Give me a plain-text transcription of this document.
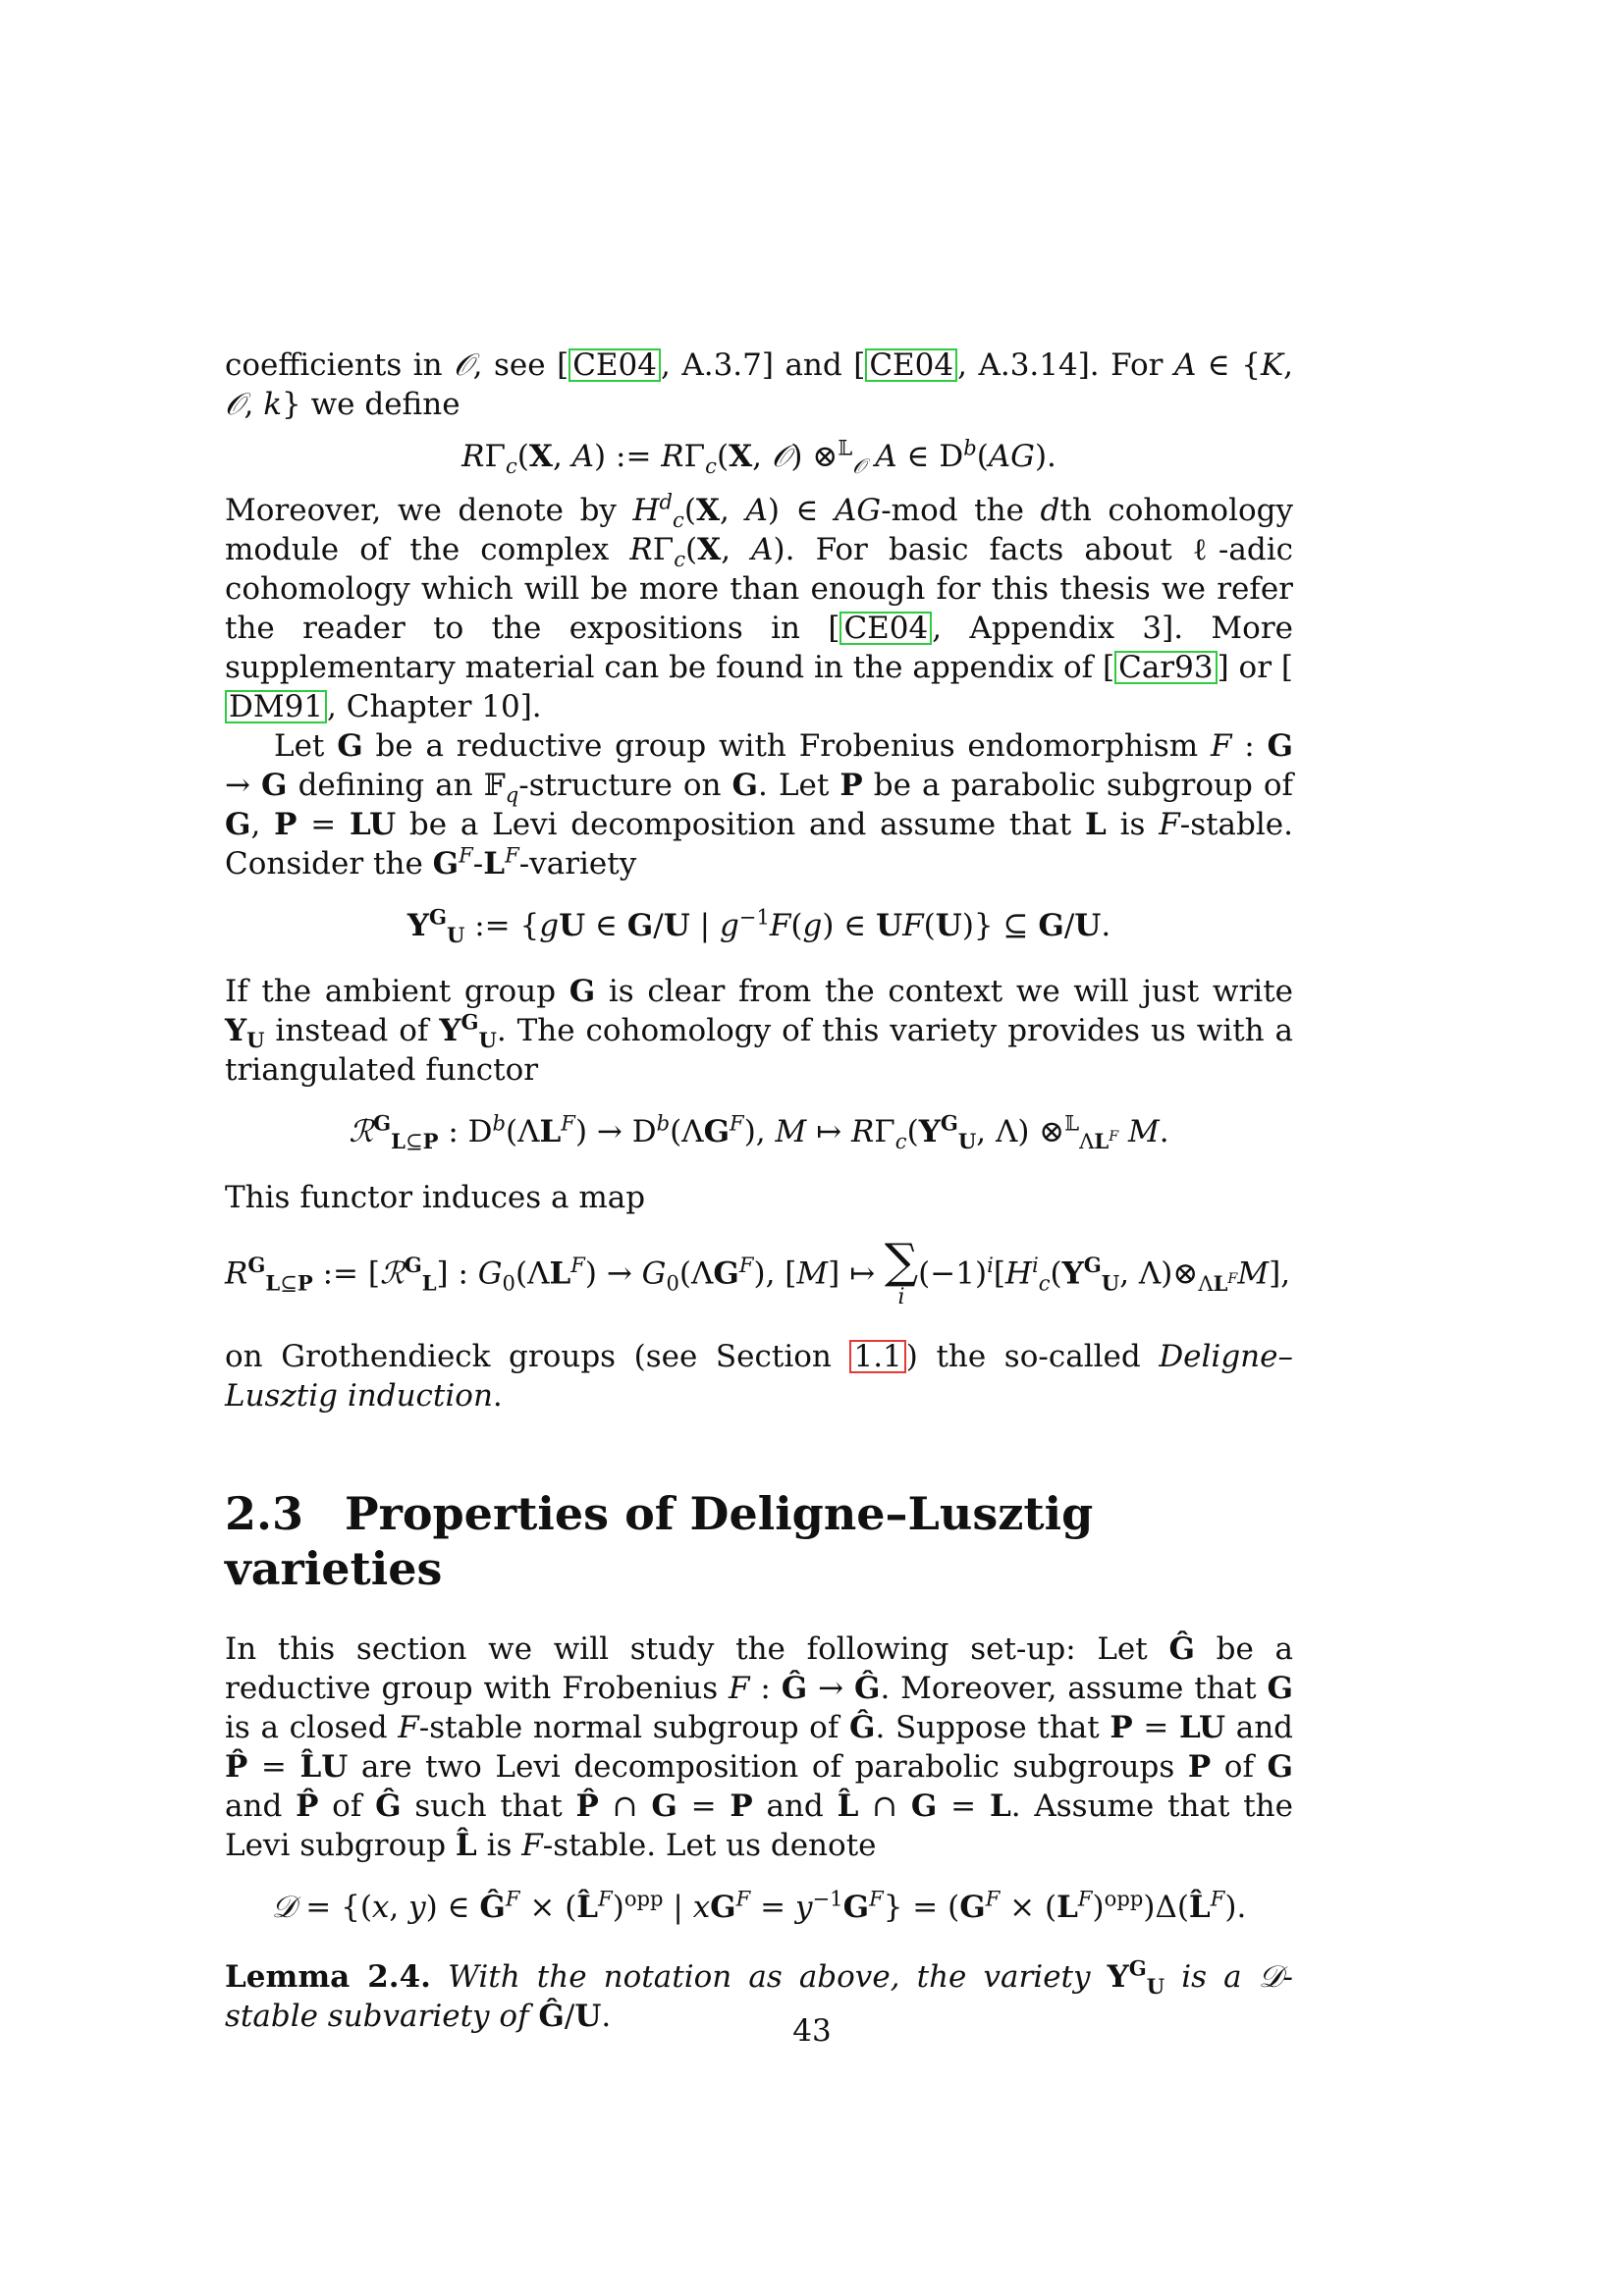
coefficients in 𝒪, see [ CE04 , A.3.7] and [ CE04 , A.3.14]. For A ∈ {K, 𝒪, k} we define

$R\Gamma_c(X$, A) := $R\Gamma_c(X$, 𝒪) ⊗$^𝕃_𝒪$ A ∈ $D^b(AG)$.

Moreover, we denote by $H^d_c(X$, A) ∈ AG-mod the dth cohomology module of the complex $R\Gamma_c(X$, A). For basic facts about ℓ-adic cohomology which will be more than enough for this thesis we refer the reader to the expositions in [ CE04 , Appendix 3]. More supplementary material can be found in the appendix of [ Car93 ] or [DM91 , Chapter 10].

Let G be a reductive group with Frobenius endomorphism F : G → G defining an 𝔽$_q$-structure on G. Let P be a parabolic subgroup of G, P = LU be a Levi decomposition and assume that L is F-stable. Consider the $G^F-L^F$-variety

$Y^G_U$ := {gU ∈ G/U | $g^{-1}F(g)$ ∈ UF(U)} ⊆ G/U.

If the ambient group G is clear from the context we will just write $Y_U$ instead of $Y^G_U$. The cohomology of this variety provides us with a triangulated functor

ℛ$^G_{L⊆P}$ : $D^b(\Lambda L^F) \to D^b(\Lambda G^F)$, M ↦ $R\Gamma_c(Y^G_U$, Λ) ⊗$^𝕃_{\Lambda L^F}$ M.

This functor induces a map

$R^G_{L⊆P}$ := [ℛ$^G_L$] : $G_0(\Lambda L^F) \to G_0(\Lambda G^F)$, [M] ↦ ∑
i
$(-1)^i[H^i_c(Y^G_U$, $\Lambda)\otimes_{\Lambda L^F}M$],

on Grothendieck groups (see Section 1.1 ) the so-called Deligne–Lusztig induction.

2.3 Properties of Deligne–Lusztig varieties

In this section we will study the following set-up: Let Ĝ be a reductive group with Frobenius F : Ĝ → Ĝ. Moreover, assume that G is a closed F-stable normal subgroup of Ĝ. Suppose that P = LU and P̂ = L̂U are two Levi decomposition of parabolic subgroups P of G and P̂ of Ĝ such that P̂ ∩ G = P and L̂ ∩ G = L. Assume that the Levi subgroup L̂ is F-stable. Let us denote

𝒟 = {(x, y) ∈ $Ĝ^F$ × (L̂$^F$)$^{opp}$ | $xG^F = y^{-1}G^F\} = (G^F$ × $(L^F)^{opp})\Delta(L̂^F)$.

Lemma 2.4. With the notation as above, the variety $Y^G_U$ is a 𝒟-stable subvariety of Ĝ/U.	43
